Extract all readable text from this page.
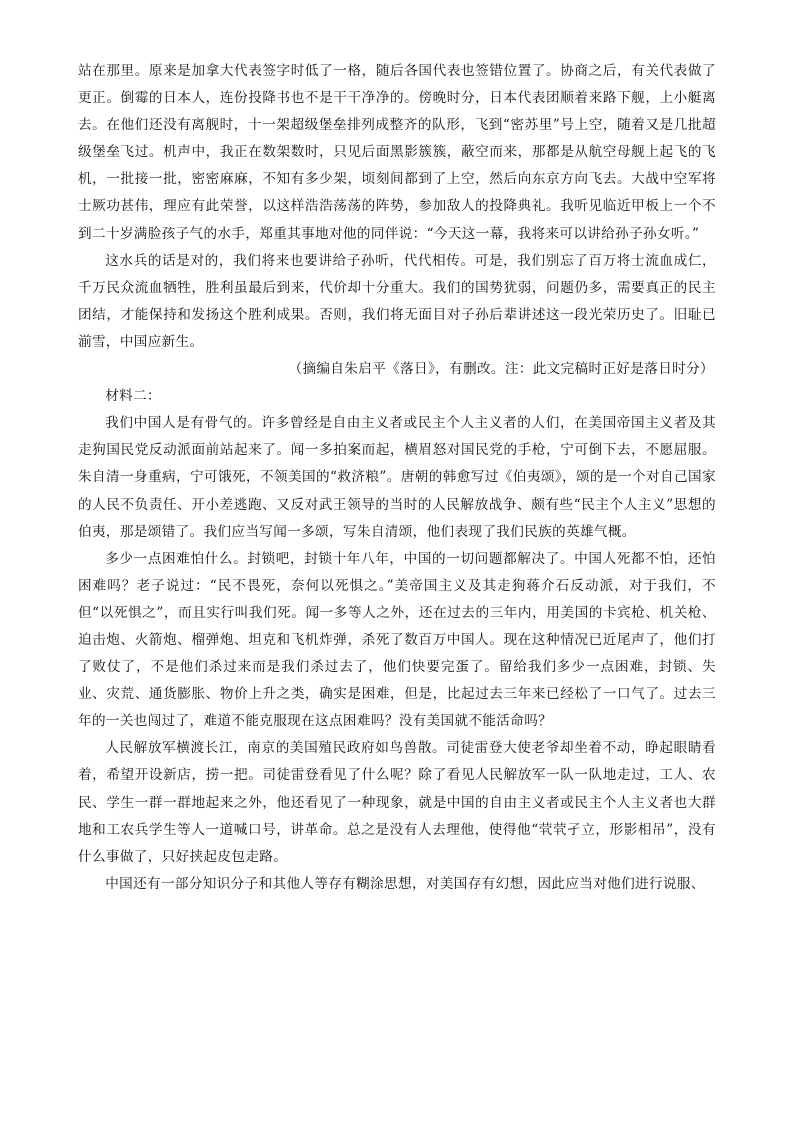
站在那里。原来是加拿大代表签字时低了一格，随后各国代表也签错位置了。协商之后，有关代表做了更正。倒霉的日本人，连份投降书也不是干干净净的。傍晚时分，日本代表团顺着来路下舰，上小艇离去。在他们还没有离舰时，十一架超级堡垒排列成整齐的队形，飞到“密苏里”号上空，随着又是几批超级堡垒飞过。机声中，我正在数架数时，只见后面黑影簇簇，蔽空而来，那都是从航空母舰上起飞的飞机，一批接一批，密密麻麻，不知有多少架，顷刻间都到了上空，然后向东京方向飞去。大战中空军将士厥功甚伟，理应有此荣誉，以这样浩浩荡荡的阵势，参加敌人的投降典礼。我听见临近甲板上一个不到二十岁满脸孩子气的水手，郑重其事地对他的同伴说：“今天这一幕，我将来可以讲给孙子孙女听。”

这水兵的话是对的，我们将来也要讲给子孙听，代代相传。可是，我们别忘了百万将士流血成仁，千万民众流血牺牲，胜利虽最后到来，代价却十分重大。我们的国势犹弱，问题仍多，需要真正的民主团结，才能保持和发扬这个胜利成果。否则，我们将无面目对子孙后辈讲述这一段光荣历史了。旧耻已湔雪，中国应新生。

（摘编自朱启平《落日》，有删改。注：此文完稿时正好是落日时分）

材料二：

我们中国人是有骨气的。许多曾经是自由主义者或民主个人主义者的人们，在美国帝国主义者及其走狗国民党反动派面前站起来了。闻一多拍案而起，横眉怒对国民党的手枪，宁可倒下去，不愿屈服。朱自清一身重病，宁可饿死，不领美国的“救济粮”。唐朝的韩愈写过《伯夷颂》，颂的是一个对自己国家的人民不负责任、开小差逃跑、又反对武王领导的当时的人民解放战争、颇有些“民主个人主义”思想的伯夷，那是颂错了。我们应当写闻一多颂，写朱自清颂，他们表现了我们民族的英雄气概。

多少一点困难怕什么。封锁吧，封锁十年八年，中国的一切问题都解决了。中国人死都不怕，还怕困难吗？老子说过：“民不畏死，奈何以死惧之。”美帝国主义及其走狗蒋介石反动派，对于我们，不但“以死惧之”，而且实行叫我们死。闻一多等人之外，还在过去的三年内，用美国的卡宾枪、机关枪、迫击炮、火箭炮、榴弹炮、坦克和飞机炸弹，杀死了数百万中国人。现在这种情况已近尾声了，他们打了败仗了，不是他们杀过来而是我们杀过去了，他们快要完蛋了。留给我们多少一点困难，封锁、失业、灾荒、通货膨胀、物价上升之类，确实是困难，但是，比起过去三年来已经松了一口气了。过去三年的一关也闯过了，难道不能克服现在这点困难吗？没有美国就不能活命吗？

人民解放军横渡长江，南京的美国殖民政府如鸟兽散。司徒雷登大使老爷却坐着不动，睁起眼睛看着，希望开设新店，捞一把。司徒雷登看见了什么呢？除了看见人民解放军一队一队地走过，工人、农民、学生一群一群地起来之外，他还看见了一种现象，就是中国的自由主义者或民主个人主义者也大群地和工农兵学生等人一道喊口号，讲革命。总之是没有人去理他，使得他“茕茕孑立，形影相吊”，没有什么事做了，只好挟起皮包走路。

中国还有一部分知识分子和其他人等存有糊涂思想，对美国存有幻想，因此应当对他们进行说服、
